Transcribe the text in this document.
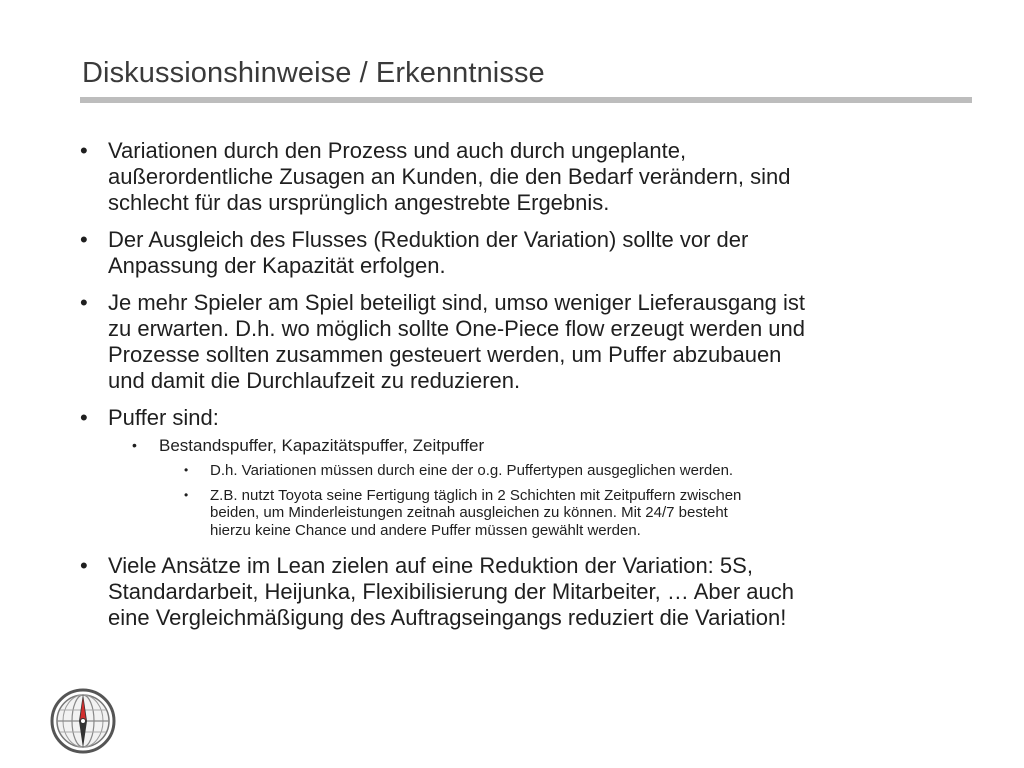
Diskussionshinweise / Erkenntnisse
• Variationen durch den Prozess und auch durch ungeplante,
außerordentliche Zusagen an Kunden, die den Bedarf verändern, sind
schlecht für das ursprünglich angestrebte Ergebnis.
• Der Ausgleich des Flusses (Reduktion der Variation) sollte vor der
Anpassung der Kapazität erfolgen.
• Je mehr Spieler am Spiel beteiligt sind, umso weniger Lieferausgang ist
zu erwarten. D.h. wo möglich sollte One-Piece flow erzeugt werden und
Prozesse sollten zusammen gesteuert werden, um Puffer abzubauen
und damit die Durchlaufzeit zu reduzieren.
• Puffer sind:
• Bestandspuffer, Kapazitätspuffer, Zeitpuffer
• D.h. Variationen müssen durch eine der o.g. Puffertypen ausgeglichen werden.
• Z.B. nutzt Toyota seine Fertigung täglich in 2 Schichten mit Zeitpuffern zwischen
beiden, um Minderleistungen zeitnah ausgleichen zu können. Mit 24/7 besteht
hierzu keine Chance und andere Puffer müssen gewählt werden.
• Viele Ansätze im Lean zielen auf eine Reduktion der Variation: 5S,
Standardarbeit, Heijunka, Flexibilisierung der Mitarbeiter, … Aber auch
eine Vergleichmäßigung des Auftragseingangs reduziert die Variation!
